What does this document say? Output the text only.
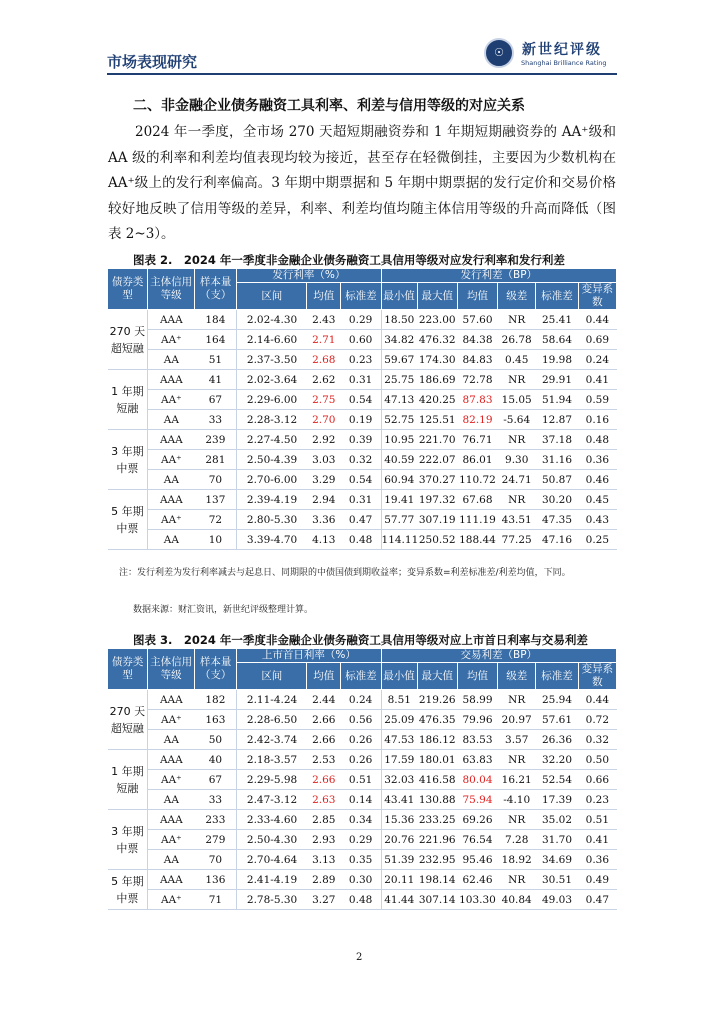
市场表现研究
☉	新世纪评级
Shanghai Brilliance Rating
二、非金融企业债务融资工具利率、利差与信用等级的对应关系
2024 年一季度，全市场 270 天超短期融资券和 1 年期短期融资券的 AA⁺级和 AA 级的利率和利差均值表现均较为接近，甚至存在轻微倒挂，主要因为少数机构在 AA⁺级上的发行利率偏高。3 年期中期票据和 5 年期中期票据的发行定价和交易价格较好地反映了信用等级的差异，利率、利差均值均随主体信用等级的升高而降低（图表 2~3）。
图表 2.　2024 年一季度非金融企业债务融资工具信用等级对应发行利率和发行利差
债券类型	主体信用等级	样本量（支）	发行利率（%）			发行利差（BP）					
			区间	均值	标准差	最小值	最大值	均值	级差	标准差	变异系数
270 天超短融	AAA	184	2.02-4.30	2.43	0.29	18.50	223.00	57.60	NR	25.41	0.44
	AA⁺	164	2.14-6.60	2.71	0.60	34.82	476.32	84.38	26.78	58.64	0.69
	AA	51	2.37-3.50	2.68	0.23	59.67	174.30	84.83	0.45	19.98	0.24
1 年期短融	AAA	41	2.02-3.64	2.62	0.31	25.75	186.69	72.78	NR	29.91	0.41
	AA⁺	67	2.29-6.00	2.75	0.54	47.13	420.25	87.83	15.05	51.94	0.59
	AA	33	2.28-3.12	2.70	0.19	52.75	125.51	82.19	-5.64	12.87	0.16
3 年期中票	AAA	239	2.27-4.50	2.92	0.39	10.95	221.70	76.71	NR	37.18	0.48
	AA⁺	281	2.50-4.39	3.03	0.32	40.59	222.07	86.01	9.30	31.16	0.36
	AA	70	2.70-6.00	3.29	0.54	60.94	370.27	110.72	24.71	50.87	0.46
5 年期中票	AAA	137	2.39-4.19	2.94	0.31	19.41	197.32	67.68	NR	30.20	0.45
	AA⁺	72	2.80-5.30	3.36	0.47	57.77	307.19	111.19	43.51	47.35	0.43
	AA	10	3.39-4.70	4.13	0.48	114.11	250.52	188.44	77.25	47.16	0.25
注：发行利差为发行利率减去与起息日、同期限的中债国债到期收益率；变异系数=利差标准差/利差均值，下同。
数据来源：财汇资讯，新世纪评级整理计算。
图表 3.　2024 年一季度非金融企业债务融资工具信用等级对应上市首日利率与交易利差
债券类型	主体信用等级	样本量（支）	上市首日利率（%）			交易利差（BP）					
			区间	均值	标准差	最小值	最大值	均值	级差	标准差	变异系数
270 天超短融	AAA	182	2.11-4.24	2.44	0.24	8.51	219.26	58.99	NR	25.94	0.44
	AA⁺	163	2.28-6.50	2.66	0.56	25.09	476.35	79.96	20.97	57.61	0.72
	AA	50	2.42-3.74	2.66	0.26	47.53	186.12	83.53	3.57	26.36	0.32
1 年期短融	AAA	40	2.18-3.57	2.53	0.26	17.59	180.01	63.83	NR	32.20	0.50
	AA⁺	67	2.29-5.98	2.66	0.51	32.03	416.58	80.04	16.21	52.54	0.66
	AA	33	2.47-3.12	2.63	0.14	43.41	130.88	75.94	-4.10	17.39	0.23
3 年期中票	AAA	233	2.33-4.60	2.85	0.34	15.36	233.25	69.26	NR	35.02	0.51
	AA⁺	279	2.50-4.30	2.93	0.29	20.76	221.96	76.54	7.28	31.70	0.41
	AA	70	2.70-4.64	3.13	0.35	51.39	232.95	95.46	18.92	34.69	0.36
5 年期中票	AAA	136	2.41-4.19	2.89	0.30	20.11	198.14	62.46	NR	30.51	0.49
	AA⁺	71	2.78-5.30	3.27	0.48	41.44	307.14	103.30	40.84	49.03	0.47
2
